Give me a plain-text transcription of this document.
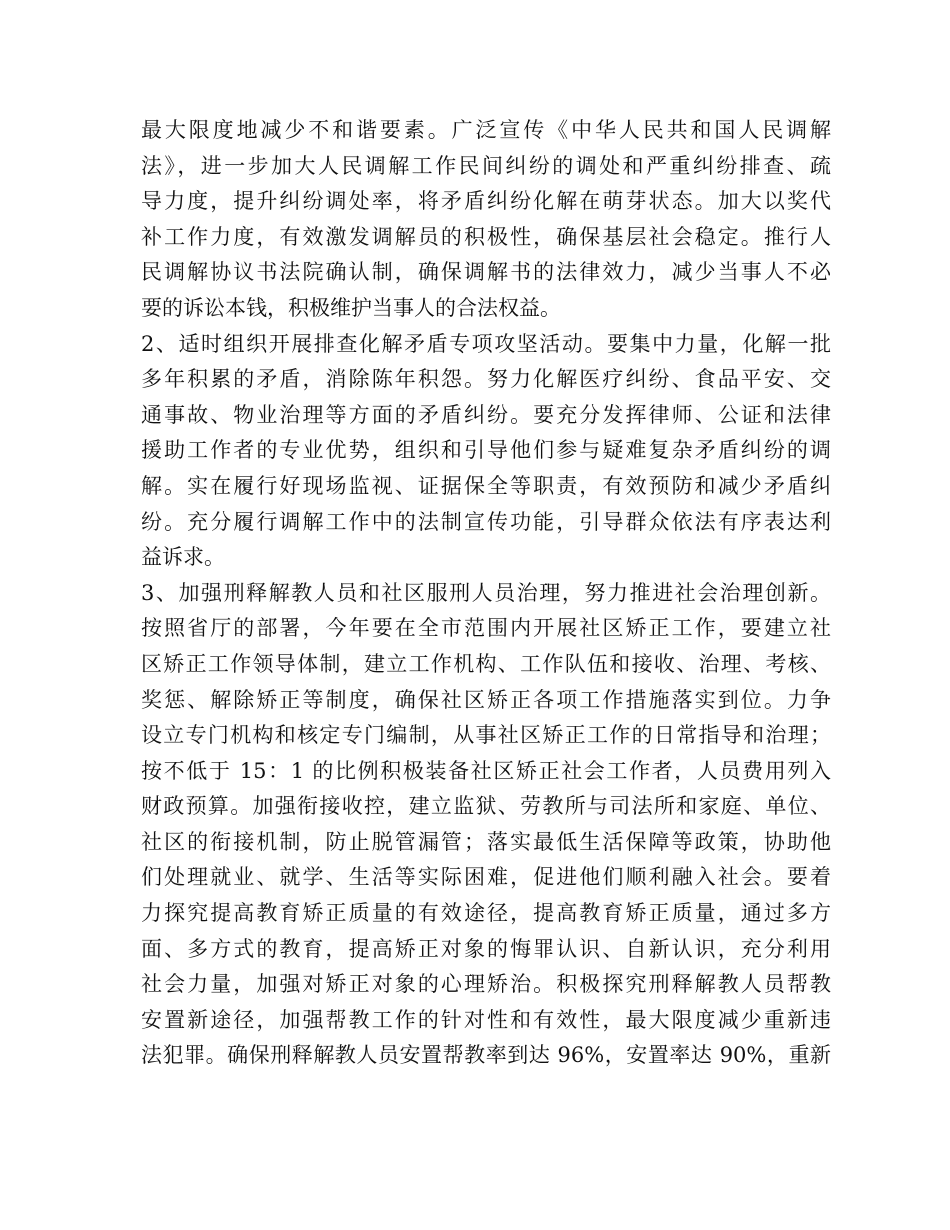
最大限度地减少不和谐要素。广泛宣传《中华人民共和国人民调解
法》，进一步加大人民调解工作民间纠纷的调处和严重纠纷排查、疏
导力度，提升纠纷调处率，将矛盾纠纷化解在萌芽状态。加大以奖代
补工作力度，有效激发调解员的积极性，确保基层社会稳定。推行人
民调解协议书法院确认制，确保调解书的法律效力，减少当事人不必
要的诉讼本钱，积极维护当事人的合法权益。
2、适时组织开展排查化解矛盾专项攻坚活动。要集中力量，化解一批
多年积累的矛盾，消除陈年积怨。努力化解医疗纠纷、食品平安、交
通事故、物业治理等方面的矛盾纠纷。要充分发挥律师、公证和法律
援助工作者的专业优势，组织和引导他们参与疑难复杂矛盾纠纷的调
解。实在履行好现场监视、证据保全等职责，有效预防和减少矛盾纠
纷。充分履行调解工作中的法制宣传功能，引导群众依法有序表达利
益诉求。
3、加强刑释解教人员和社区服刑人员治理，努力推进社会治理创新。
按照省厅的部署，今年要在全市范围内开展社区矫正工作，要建立社
区矫正工作领导体制，建立工作机构、工作队伍和接收、治理、考核、
奖惩、解除矫正等制度，确保社区矫正各项工作措施落实到位。力争
设立专门机构和核定专门编制，从事社区矫正工作的日常指导和治理；
按不低于 15：1 的比例积极装备社区矫正社会工作者，人员费用列入
财政预算。加强衔接收控，建立监狱、劳教所与司法所和家庭、单位、
社区的衔接机制，防止脱管漏管；落实最低生活保障等政策，协助他
们处理就业、就学、生活等实际困难，促进他们顺利融入社会。要着
力探究提高教育矫正质量的有效途径，提高教育矫正质量，通过多方
面、多方式的教育，提高矫正对象的悔罪认识、自新认识，充分利用
社会力量，加强对矫正对象的心理矫治。积极探究刑释解教人员帮教
安置新途径，加强帮教工作的针对性和有效性，最大限度减少重新违
法犯罪。确保刑释解教人员安置帮教率到达 96%，安置率达 90%，重新
